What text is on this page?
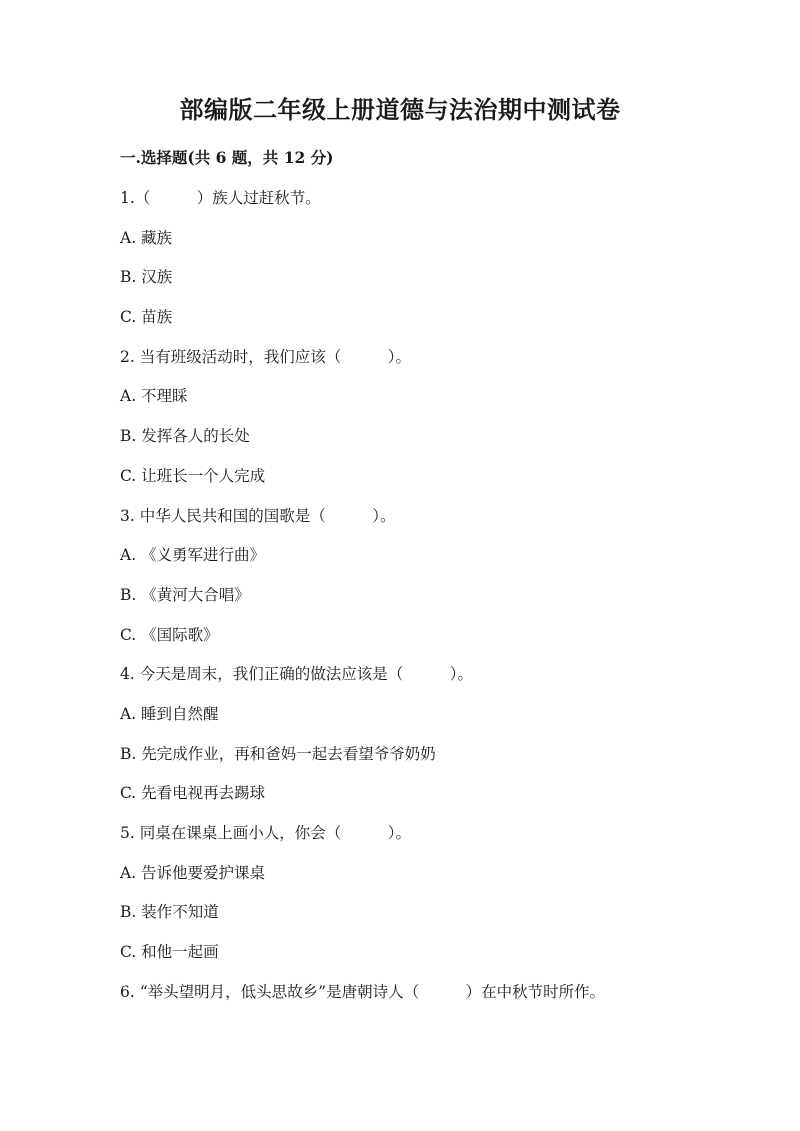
部编版二年级上册道德与法治期中测试卷
一.选择题(共 6 题，共 12 分)
1.（　　　）族人过赶秋节。
A. 藏族
B. 汉族
C. 苗族
2. 当有班级活动时，我们应该（　　　）。
A. 不理睬
B. 发挥各人的长处
C. 让班长一个人完成
3. 中华人民共和国的国歌是（　　　）。
A. 《义勇军进行曲》
B. 《黄河大合唱》
C. 《国际歌》
4. 今天是周末，我们正确的做法应该是（　　　）。
A. 睡到自然醒
B. 先完成作业，再和爸妈一起去看望爷爷奶奶
C. 先看电视再去踢球
5. 同桌在课桌上画小人，你会（　　　）。
A. 告诉他要爱护课桌
B. 装作不知道
C. 和他一起画
6. “举头望明月，低头思故乡”是唐朝诗人（　　　）在中秋节时所作。
